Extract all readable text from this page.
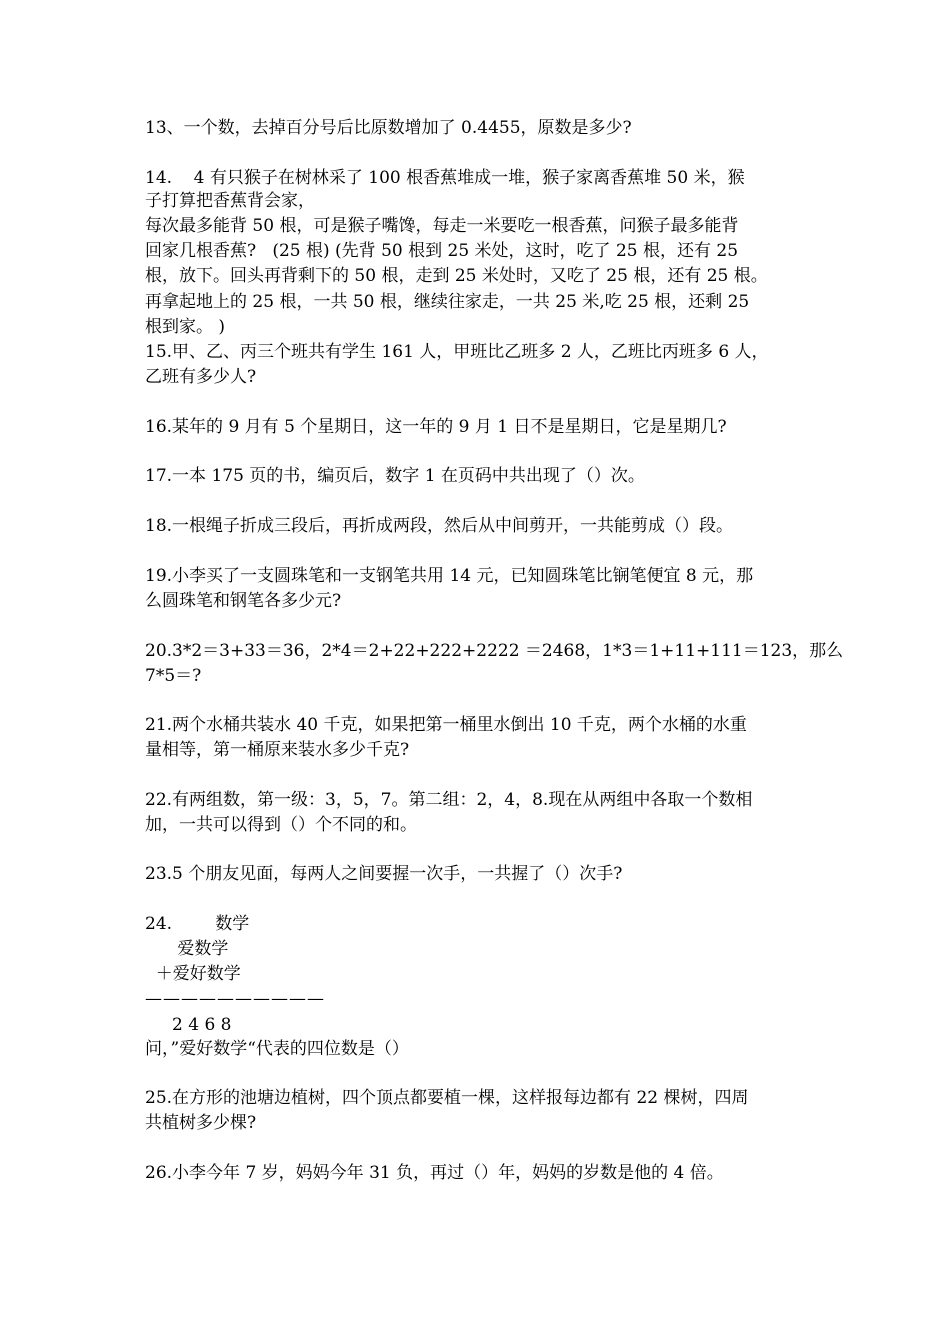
13、一个数，去掉百分号后比原数增加了 0.4455，原数是多少?
14.    4 有只猴子在树林采了 100 根香蕉堆成一堆，猴子家离香蕉堆 50 米，猴
子打算把香蕉背会家，
每次最多能背 50 根，可是猴子嘴馋，每走一米要吃一根香蕉，问猴子最多能背
回家几根香蕉?   (25 根) (先背 50 根到 25 米处，这时，吃了 25 根，还有 25
根，放下。回头再背剩下的 50 根，走到 25 米处时，又吃了 25 根，还有 25 根。
再拿起地上的 25 根，一共 50 根，继续往家走，一共 25 米,吃 25 根，还剩 25
根到家。 )
15.甲、乙、丙三个班共有学生 161 人，甲班比乙班多 2 人，乙班比丙班多 6 人，
乙班有多少人?
16.某年的 9 月有 5 个星期日，这一年的 9 月 1 日不是星期日，它是星期几?
17.一本 175 页的书，编页后，数字 1 在页码中共出现了（）次。
18.一根绳子折成三段后，再折成两段，然后从中间剪开，一共能剪成（）段。
19.小李买了一支圆珠笔和一支钢笔共用 14 元，已知圆珠笔比锎笔便宜 8 元，那
么圆珠笔和钢笔各多少元?
20.3*2＝3+33＝36，2*4＝2+22+222+2222 ＝2468，1*3＝1+11+111＝123，那么
7*5＝?
21.两个水桶共装水 40 千克，如果把第一桶里水倒出 10 千克，两个水桶的水重
量相等，第一桶原来装水多少千克?
22.有两组数，第一级：3，5，7。第二组：2，4，8.现在从两组中各取一个数相
加，一共可以得到（）个不同的和。
23.5 个朋友见面，每两人之间要握一次手，一共握了（）次手?
24.        数学
爱数学
＋爱好数学
——————————
2 4 6 8
问，”爱好数学“代表的四位数是（）
25.在方形的池塘边植树，四个顶点都要植一棵，这样报每边都有 22 棵树，四周
共植树多少棵?
26.小李今年 7 岁，妈妈今年 31 负，再过（）年，妈妈的岁数是他的 4 倍。
